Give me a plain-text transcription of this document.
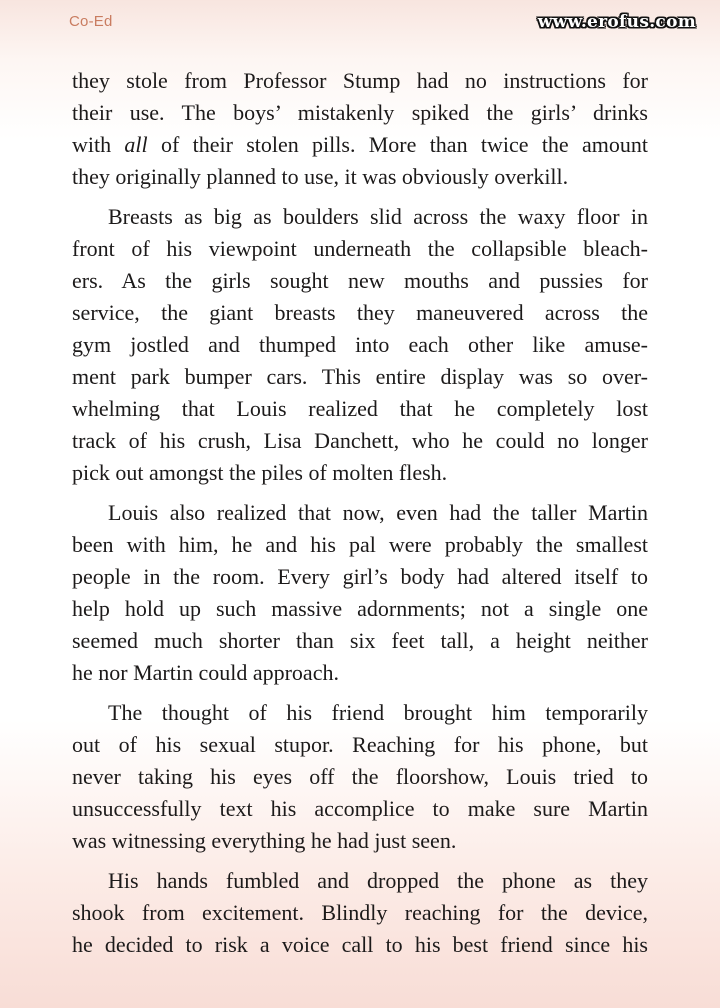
Co-Ed	www.erofus.com

they stole from Professor Stump had no instructions for
their use. The boys’ mistakenly spiked the girls’ drinks
with all of their stolen pills. More than twice the amount
they originally planned to use, it was obviously overkill.

Breasts as big as boulders slid across the waxy floor in
front of his viewpoint underneath the collapsible bleach-
ers. As the girls sought new mouths and pussies for
service, the giant breasts they maneuvered across the
gym jostled and thumped into each other like amuse-
ment park bumper cars. This entire display was so over-
whelming that Louis realized that he completely lost
track of his crush, Lisa Danchett, who he could no longer
pick out amongst the piles of molten flesh.

Louis also realized that now, even had the taller Martin
been with him, he and his pal were probably the smallest
people in the room. Every girl’s body had altered itself to
help hold up such massive adornments; not a single one
seemed much shorter than six feet tall, a height neither
he nor Martin could approach.

The thought of his friend brought him temporarily
out of his sexual stupor. Reaching for his phone, but
never taking his eyes off the floorshow, Louis tried to
unsuccessfully text his accomplice to make sure Martin
was witnessing everything he had just seen.

His hands fumbled and dropped the phone as they
shook from excitement. Blindly reaching for the device,
he decided to risk a voice call to his best friend since his
